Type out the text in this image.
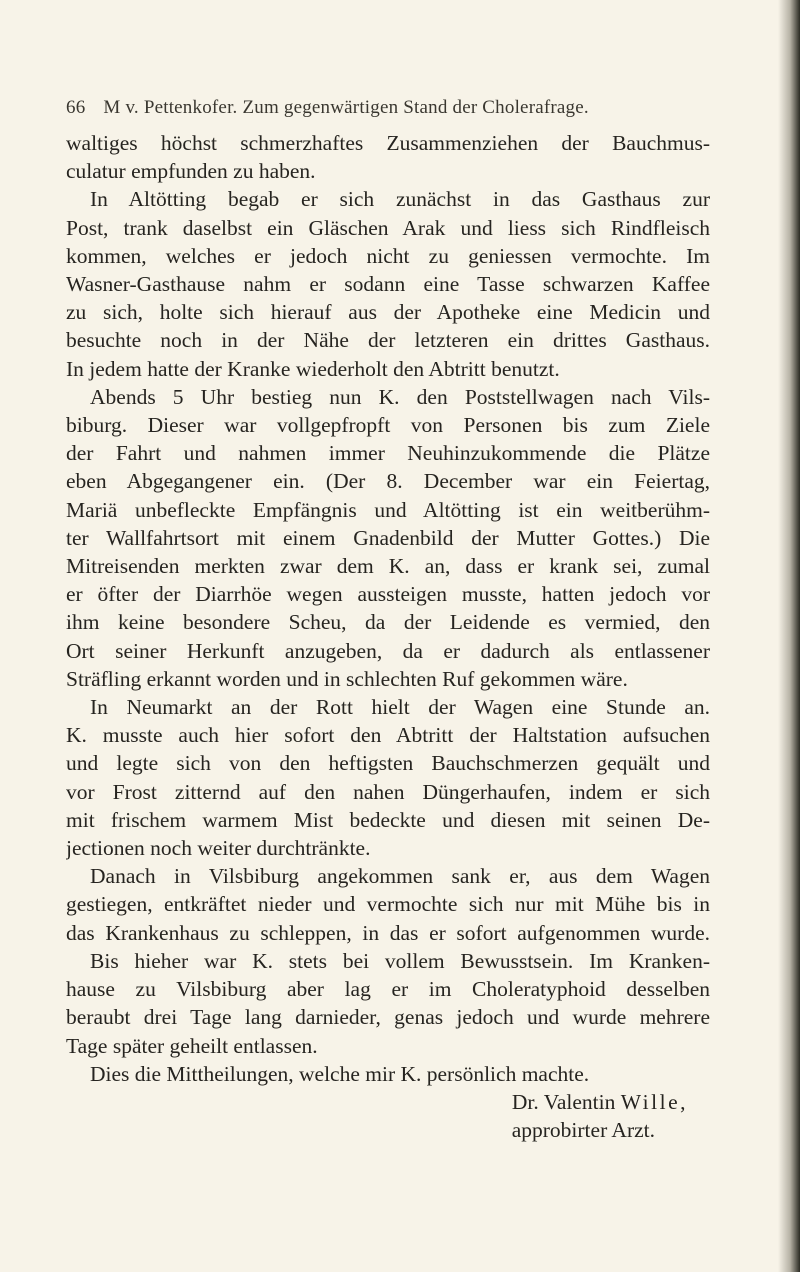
66 M v. Pettenkofer. Zum gegenwärtigen Stand der Cholerafrage.
waltiges höchst schmerzhaftes Zusammenziehen der Bauchmus-
culatur empfunden zu haben.
In Altötting begab er sich zunächst in das Gasthaus zur
Post, trank daselbst ein Gläschen Arak und liess sich Rindfleisch
kommen, welches er jedoch nicht zu geniessen vermochte. Im
Wasner-Gasthause nahm er sodann eine Tasse schwarzen Kaffee
zu sich, holte sich hierauf aus der Apotheke eine Medicin und
besuchte noch in der Nähe der letzteren ein drittes Gasthaus.
In jedem hatte der Kranke wiederholt den Abtritt benutzt.
Abends 5 Uhr bestieg nun K. den Poststellwagen nach Vils-
biburg. Dieser war vollgepfropft von Personen bis zum Ziele
der Fahrt und nahmen immer Neuhinzukommende die Plätze
eben Abgegangener ein. (Der 8. December war ein Feiertag,
Mariä unbefleckte Empfängnis und Altötting ist ein weitberühm-
ter Wallfahrtsort mit einem Gnadenbild der Mutter Gottes.) Die
Mitreisenden merkten zwar dem K. an, dass er krank sei, zumal
er öfter der Diarrhöe wegen aussteigen musste, hatten jedoch vor
ihm keine besondere Scheu, da der Leidende es vermied, den
Ort seiner Herkunft anzugeben, da er dadurch als entlassener
Sträfling erkannt worden und in schlechten Ruf gekommen wäre.
In Neumarkt an der Rott hielt der Wagen eine Stunde an.
K. musste auch hier sofort den Abtritt der Haltstation aufsuchen
und legte sich von den heftigsten Bauchschmerzen gequält und
vor Frost zitternd auf den nahen Düngerhaufen, indem er sich
mit frischem warmem Mist bedeckte und diesen mit seinen De-
jectionen noch weiter durchtränkte.
Danach in Vilsbiburg angekommen sank er, aus dem Wagen
gestiegen, entkräftet nieder und vermochte sich nur mit Mühe bis in
das Krankenhaus zu schleppen, in das er sofort aufgenommen wurde.
Bis hieher war K. stets bei vollem Bewusstsein. Im Kranken-
hause zu Vilsbiburg aber lag er im Choleratyphoid desselben
beraubt drei Tage lang darnieder, genas jedoch und wurde mehrere
Tage später geheilt entlassen.
Dies die Mittheilungen, welche mir K. persönlich machte.
Dr. Valentin Wille,
approbirter Arzt.
